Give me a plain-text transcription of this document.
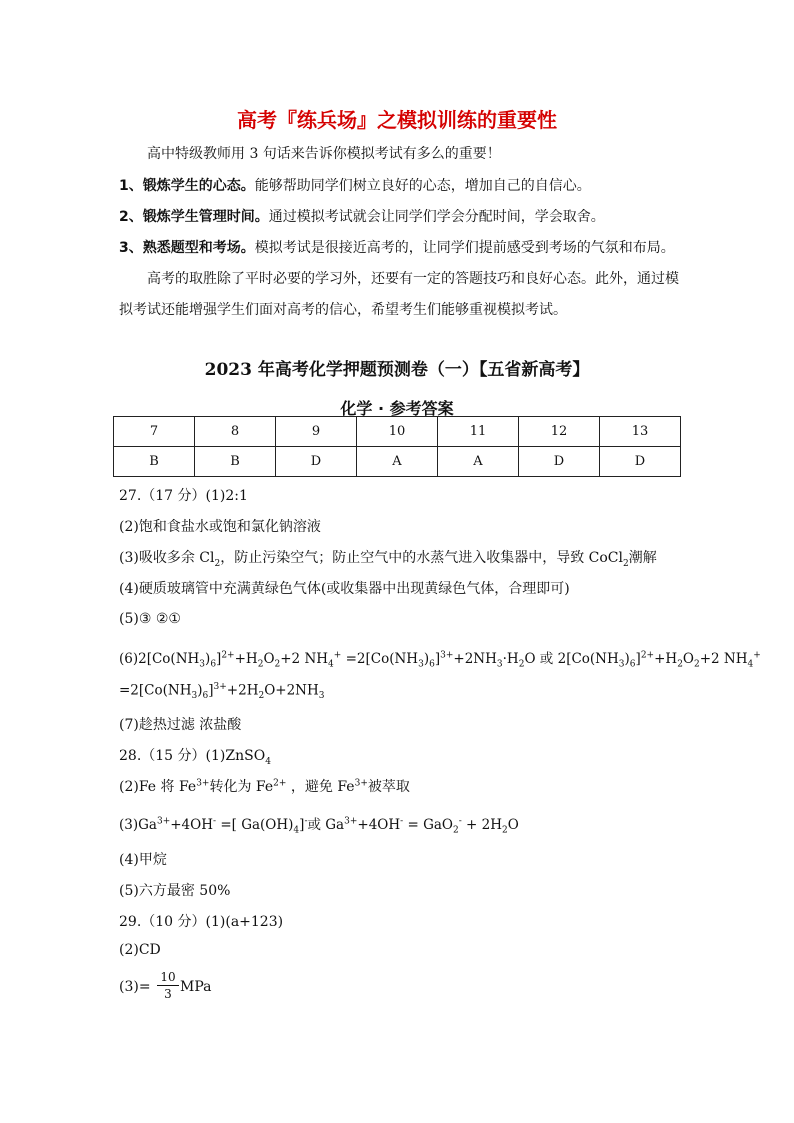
高考『练兵场』之模拟训练的重要性
高中特级教师用 3 句话来告诉你模拟考试有多么的重要！
1、锻炼学生的心态。能够帮助同学们树立良好的心态，增加自己的自信心。
2、锻炼学生管理时间。通过模拟考试就会让同学们学会分配时间，学会取舍。
3、熟悉题型和考场。模拟考试是很接近高考的，让同学们提前感受到考场的气氛和布局。
高考的取胜除了平时必要的学习外，还要有一定的答题技巧和良好心态。此外，通过模
拟考试还能增强学生们面对高考的信心，希望考生们能够重视模拟考试。
2023 年高考化学押题预测卷（一）【五省新高考】
化学 · 参考答案
7	8	9	10	11	12	13
B	B	D	A	A	D	D
27.（17 分）(1)2:1
(2)饱和食盐水或饱和氯化钠溶液
(3)吸收多余 $Cl_2$，防止污染空气；防止空气中的水蒸气进入收集器中，导致 CoCl$_2$潮解
(4)硬质玻璃管中充满黄绿色气体(或收集器中出现黄绿色气体，合理即可)
(5)③ ②①
$(6)2[Co(NH_3)_6]^{2+}+H_2O_2+2$ $NH_4^+ =2[Co(NH_3)_6]^{3+}+2NH_3\cdot H_2O$ 或 $2[Co(NH_3)_6]^{2+}+H_2O_2+2$ $NH_4^+$
$=2[Co(NH_3)_6]^{3+}+2H_2O+2NH_3$
(7)趁热过滤 浓盐酸
28.（15 分）(1)ZnSO$_4$
(2)Fe 将 $Fe^{3+}$转化为 $Fe^{2+}$ ，避免 $Fe^{3+}$被萃取
$(3)Ga^{3+}+4OH^-$ =[ $Ga(OH)_4]^-$或 $Ga^{3+}+4OH^- = GaO_2^- + 2H_2O$
(4)甲烷
(5)六方最密 50%
29.（10 分）(1)(a+123)
(2)CD
$(3)= \frac{10}{3}$ MPa
